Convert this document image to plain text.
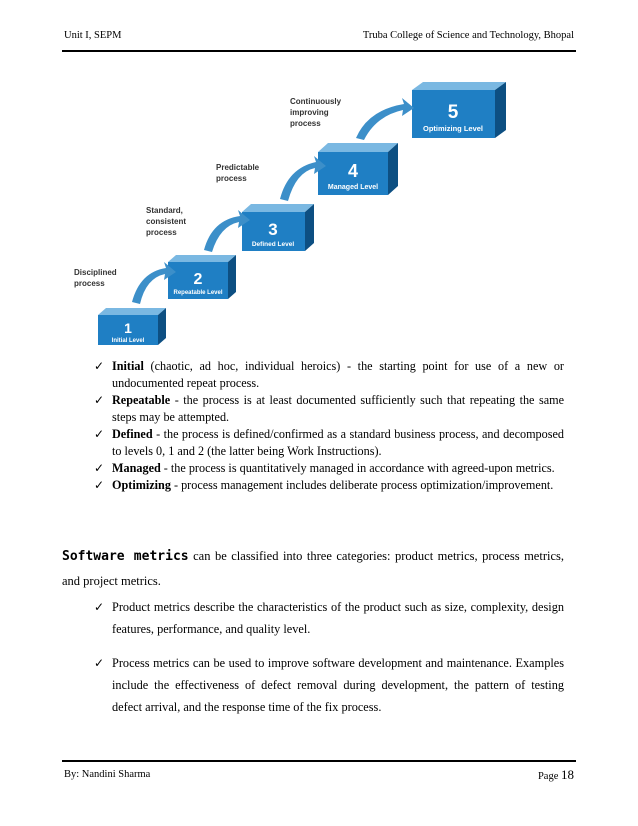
Unit I, SEPM	Truba College of Science and Technology, Bhopal
1
Initial Level
2
Repeatable Level
3
Defined Level
4
Managed Level
5
Optimizing Level
Disciplined
process
Standard,
consistent
process
Predictable
process
Continuously
improving
process
✓ Initial (chaotic, ad hoc, individual heroics) - the starting point for use of a new or undocumented repeat process.
✓ Repeatable - the process is at least documented sufficiently such that repeating the same steps may be attempted.
✓ Defined - the process is defined/confirmed as a standard business process, and decomposed to levels 0, 1 and 2 (the latter being Work Instructions).
✓ Managed - the process is quantitatively managed in accordance with agreed-upon metrics.
✓ Optimizing - process management includes deliberate process optimization/improvement.
Software metrics can be classified into three categories: product metrics, process metrics, and project metrics.
✓ Product metrics describe the characteristics of the product such as size, complexity, design features, performance, and quality level.
✓ Process metrics can be used to improve software development and maintenance. Examples include the effectiveness of defect removal during development, the pattern of testing defect arrival, and the response time of the fix process.
By: Nandini Sharma	Page 18
